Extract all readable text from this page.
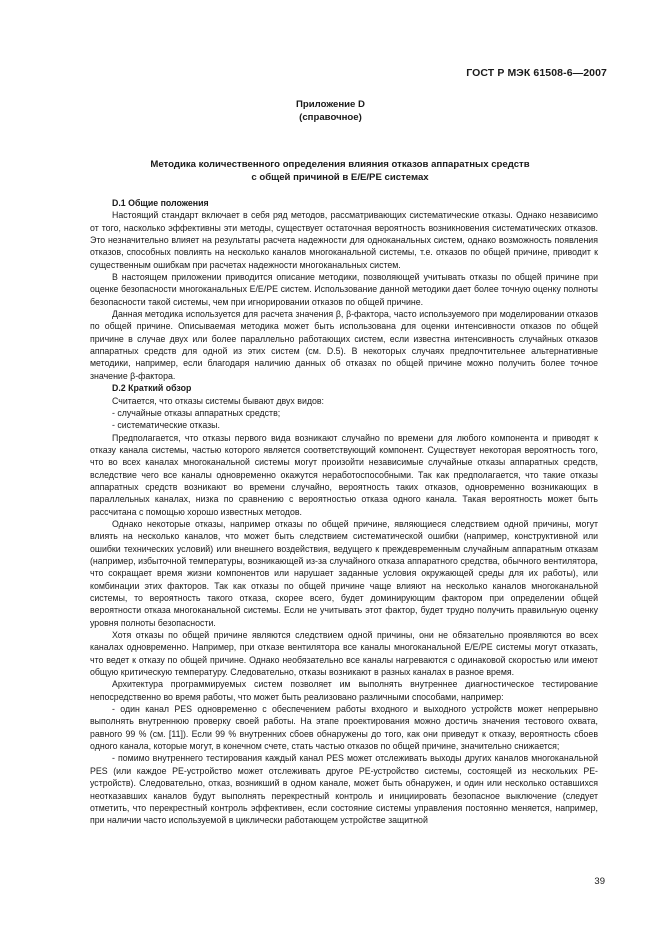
ГОСТ Р МЭК 61508-6—2007
Приложение D
(справочное)
Методика количественного определения влияния отказов аппаратных средств
с общей причиной в E/E/PE системах

D.1 Общие положения

Настоящий стандарт включает в себя ряд методов, рассматривающих систематические отказы. Однако независимо от того, насколько эффективны эти методы, существует остаточная вероятность возникновения систематических отказов. Это незначительно влияет на результаты расчета надежности для одноканальных систем, однако возможность появления отказов, способных повлиять на несколько каналов многоканальной системы, т.е. отказов по общей причине, приводит к существенным ошибкам при расчетах надежности многоканальных систем.

В настоящем приложении приводится описание методики, позволяющей учитывать отказы по общей причине при оценке безопасности многоканальных E/E/PE систем. Использование данной методики дает более точную оценку полноты безопасности такой системы, чем при игнорировании отказов по общей причине.

Данная методика используется для расчета значения β, β-фактора, часто используемого при моделировании отказов по общей причине. Описываемая методика может быть использована для оценки интенсивности отказов по общей причине в случае двух или более параллельно работающих систем, если известна интенсивность случайных отказов аппаратных средств для одной из этих систем (см. D.5). В некоторых случаях предпочтительнее альтернативные методики, например, если благодаря наличию данных об отказах по общей причине можно получить более точное значение β-фактора.

D.2 Краткий обзор

Считается, что отказы системы бывают двух видов:

- случайные отказы аппаратных средств;

- систематические отказы.

Предполагается, что отказы первого вида возникают случайно по времени для любого компонента и приводят к отказу канала системы, частью которого является соответствующий компонент. Существует некоторая вероятность того, что во всех каналах многоканальной системы могут произойти независимые случайные отказы аппаратных средств, вследствие чего все каналы одновременно окажутся неработоспособными. Так как предполагается, что такие отказы аппаратных средств возникают во времени случайно, вероятность таких отказов, одновременно возникающих в параллельных каналах, низка по сравнению с вероятностью отказа одного канала. Такая вероятность может быть рассчитана с помощью хорошо известных методов.

Однако некоторые отказы, например отказы по общей причине, являющиеся следствием одной причины, могут влиять на несколько каналов, что может быть следствием систематической ошибки (например, конструктивной или ошибки технических условий) или внешнего воздействия, ведущего к преждевременным случайным аппаратным отказам (например, избыточной температуры, возникающей из-за случайного отказа аппаратного средства, обычного вентилятора, что сокращает время жизни компонентов или нарушает заданные условия окружающей среды для их работы), или комбинации этих факторов. Так как отказы по общей причине чаще влияют на несколько каналов многоканальной системы, то вероятность такого отказа, скорее всего, будет доминирующим фактором при определении общей вероятности отказа многоканальной системы. Если не учитывать этот фактор, будет трудно получить правильную оценку уровня полноты безопасности.

Хотя отказы по общей причине являются следствием одной причины, они не обязательно проявляются во всех каналах одновременно. Например, при отказе вентилятора все каналы многоканальной E/E/PE системы могут отказать, что ведет к отказу по общей причине. Однако необязательно все каналы нагреваются с одинаковой скоростью или имеют общую критическую температуру. Следовательно, отказы возникают в разных каналах в разное время.

Архитектура программируемых систем позволяет им выполнять внутреннее диагностическое тестирование непосредственно во время работы, что может быть реализовано различными способами, например:

- один канал PES одновременно с обеспечением работы входного и выходного устройств может непрерывно выполнять внутреннюю проверку своей работы. На этапе проектирования можно достичь значения тестового охвата, равного 99 % (см. [11]). Если 99 % внутренних сбоев обнаружены до того, как они приведут к отказу, вероятность сбоев одного канала, которые могут, в конечном счете, стать частью отказов по общей причине, значительно снижается;

- помимо внутреннего тестирования каждый канал PES может отслеживать выходы других каналов многоканальной PES (или каждое PE-устройство может отслеживать другое PE-устройство системы, состоящей из нескольких PE-устройств). Следовательно, отказ, возникший в одном канале, может быть обнаружен, и один или несколько оставшихся неотказавших каналов будут выполнять перекрестный контроль и инициировать безопасное выключение (следует отметить, что перекрестный контроль эффективен, если состояние системы управления постоянно меняется, например, при наличии часто используемой в циклически работающем устройстве защитной

39
